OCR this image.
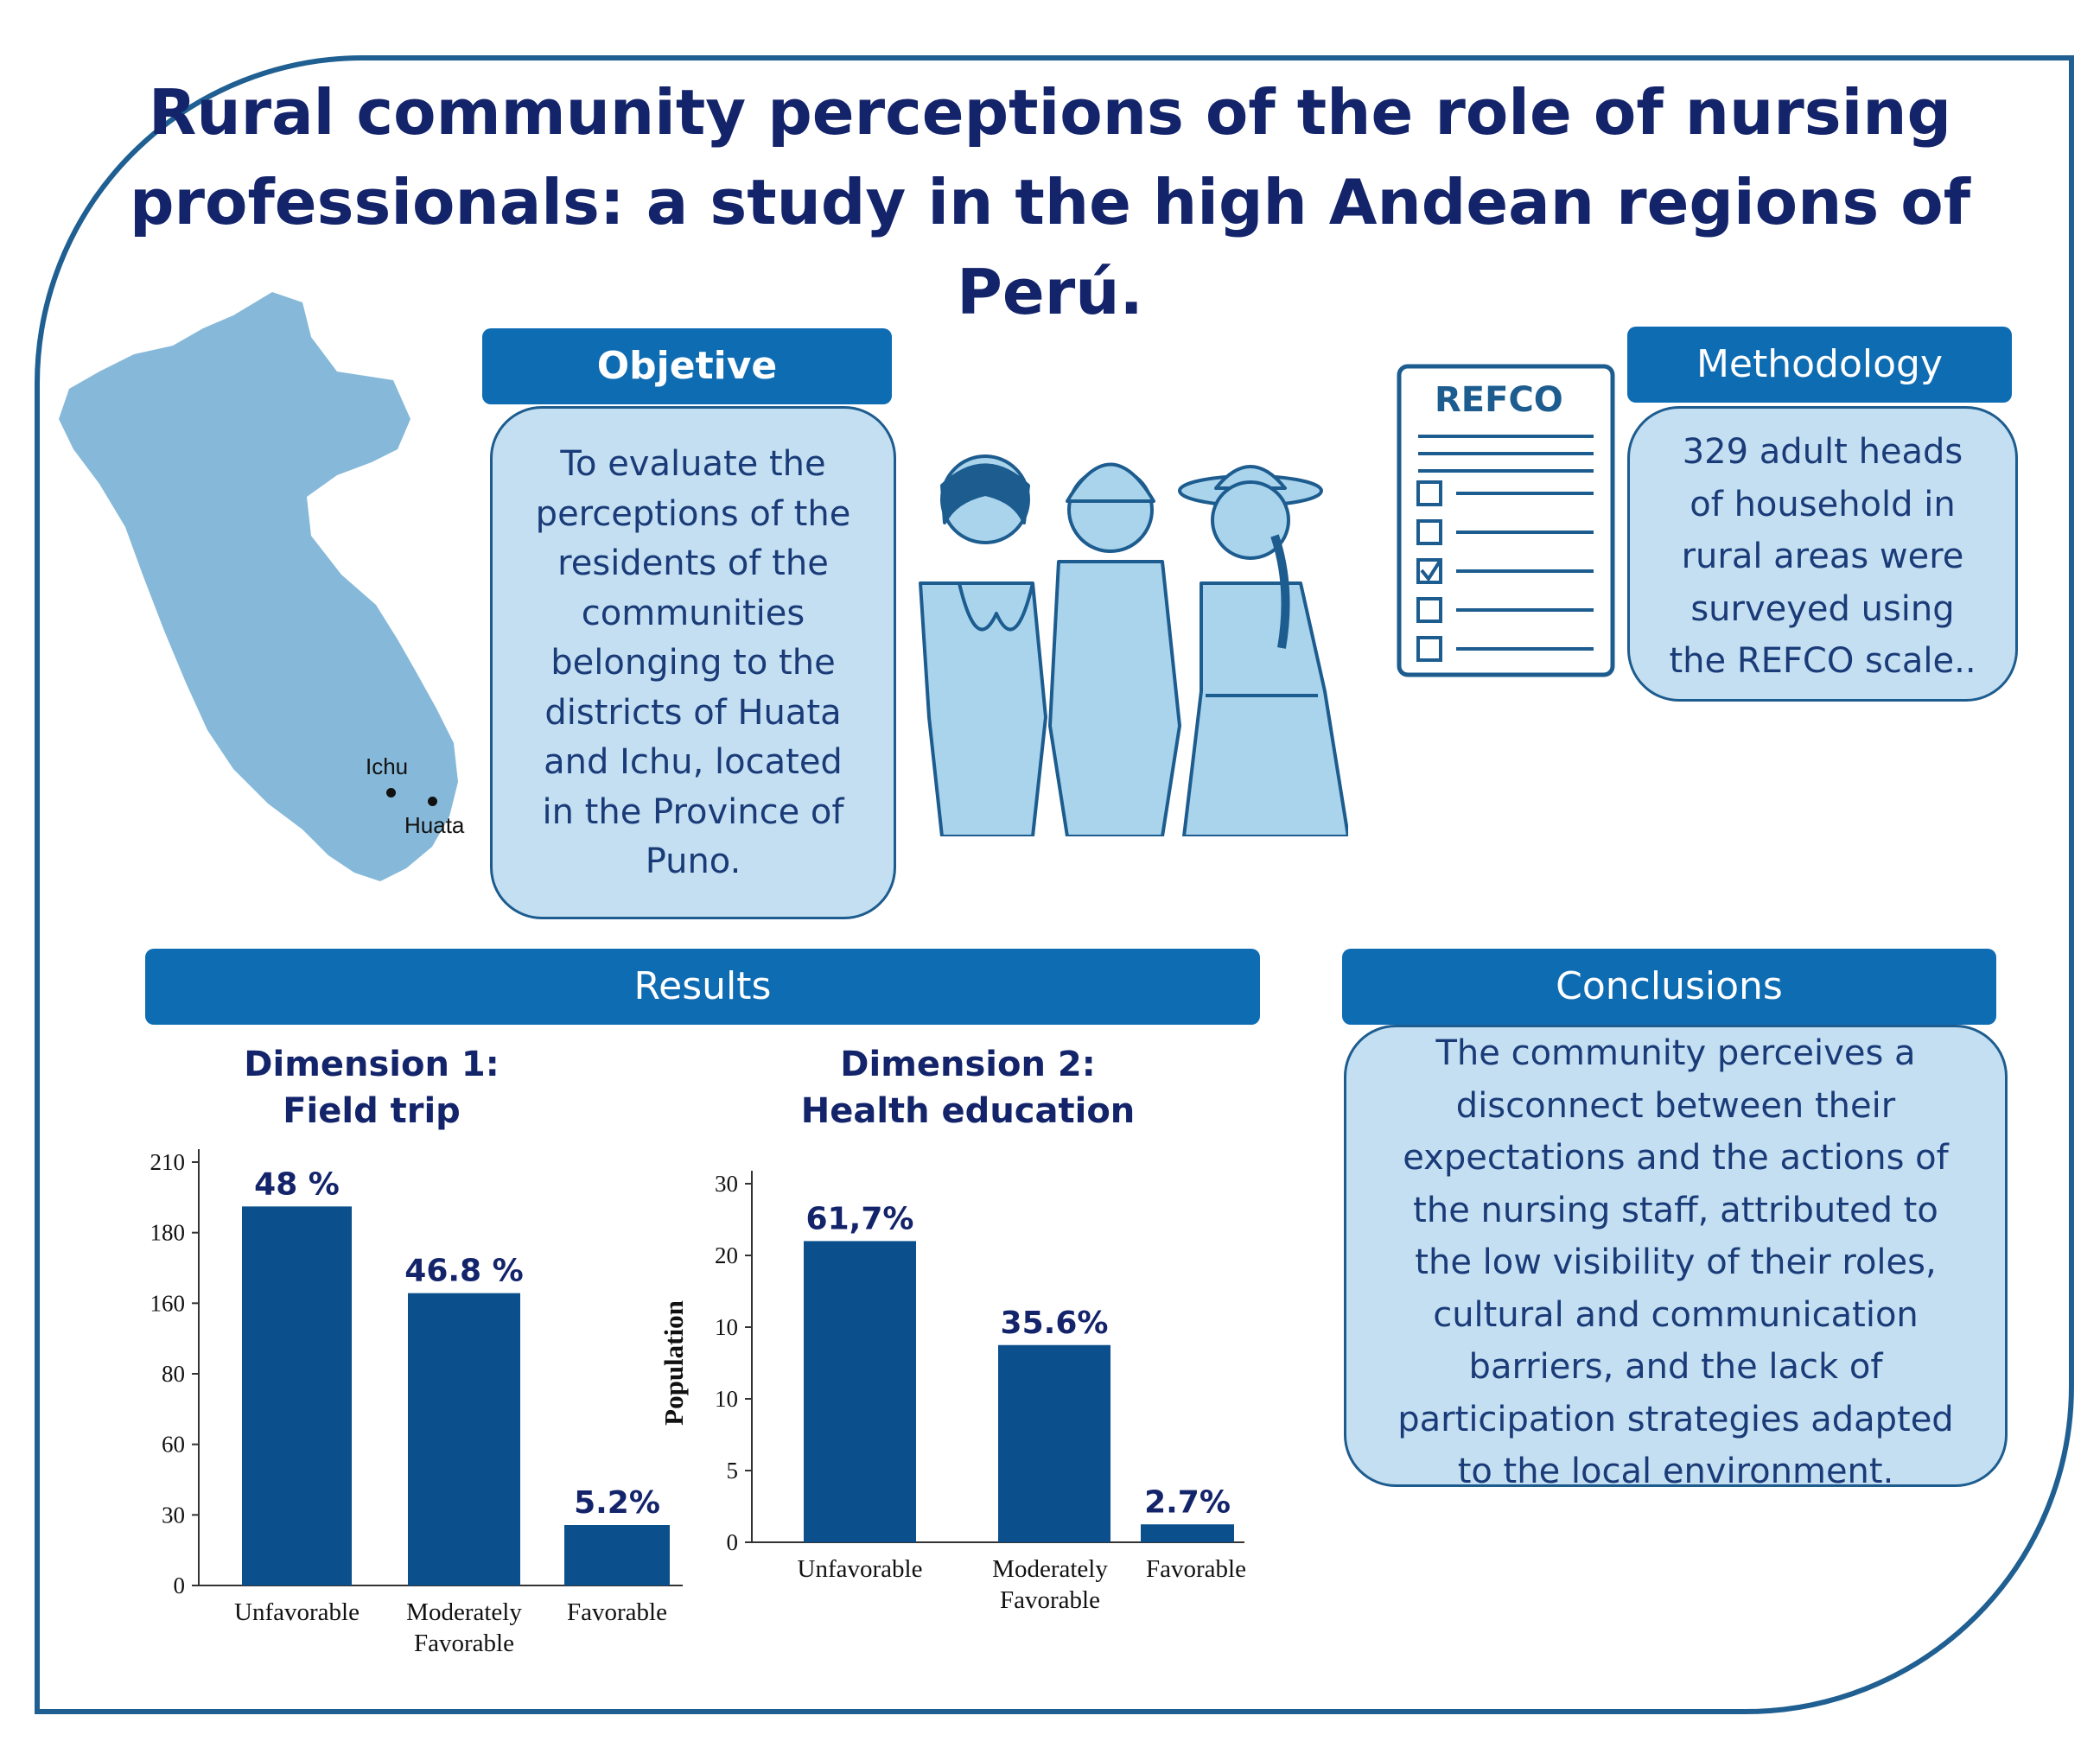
Rural community perceptions of the role of nursing professionals: a study in the high Andean regions of Perú.
Ichu
Huata
Objetive
To evaluate the
perceptions of the
residents of the
communities
belonging to the
districts of Huata
and Ichu, located
in the Province of
Puno.
REFCO
Methodology
329 adult heads
of household in
rural areas were
surveyed using
the REFCO scale..
Results
Dimension 1:
Field trip
Dimension 2:
Health education
0
30
60
80
160
180
210
48 %
Unfavorable
46.8 %
Moderately
Favorable
5.2%
Favorable
0
5
10
10
20
30
61,7%
Unfavorable
35.6%
Moderately
Favorable
2.7%
Favorable
Population
Conclusions
The community perceives a
disconnect between their
expectations and the actions of
the nursing staff, attributed to
the low visibility of their roles,
cultural and communication
barriers, and the lack of
participation strategies adapted
to the local environment.
